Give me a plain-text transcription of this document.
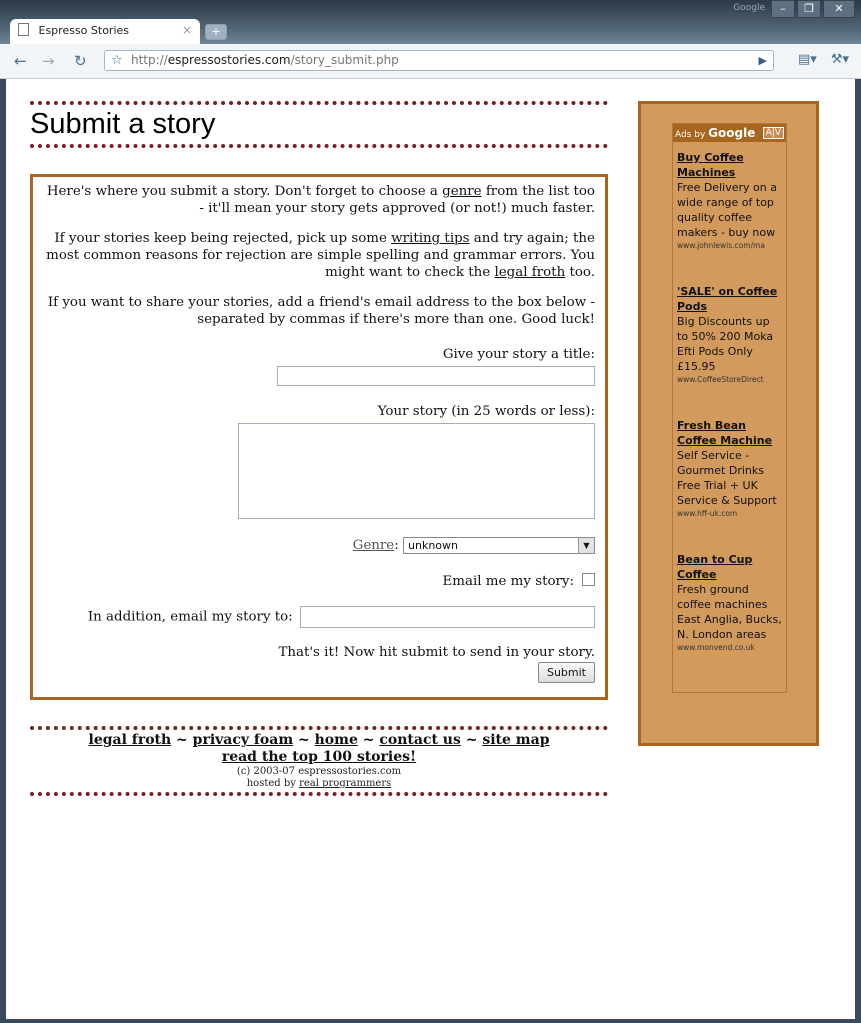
Espresso Stories	×	+
Google	–	❐	✕
← → ↻ ☆ http://espressostories.com/story_submit.php	▶ ▤▾ ⚒▾
Submit a story

Here's where you submit a story. Don't forget to choose a genre from the list too - it'll mean your story gets approved (or not!) much faster.

If your stories keep being rejected, pick up some writing tips and try again; the most common reasons for rejection are simple spelling and grammar errors. You might want to check the legal froth too.

If you want to share your stories, add a friend's email address to the box below - separated by commas if there's more than one. Good luck!

Give your story a title:
Your story (in 25 words or less):
Genre: unknown	▼
Email me my story:
In addition, email my story to:
That's it! Now hit submit to send in your story.
Submit
legal froth ~ privacy foam ~ home ~ contact us ~ site map
read the top 100 stories!
(c) 2003-07 espressostories.com
hosted by real programmers
Ads by Google	A|V
Buy Coffee Machines
Free Delivery on a wide range of top quality coffee makers - buy now
www.johnlewis.com/ma
'SALE' on Coffee Pods
Big Discounts up to 50% 200 Moka Efti Pods Only £15.95
www.CoffeeStoreDirect
Fresh Bean Coffee Machine
Self Service - Gourmet Drinks Free Trial + UK Service & Support
www.hff-uk.com
Bean to Cup Coffee
Fresh ground coffee machines East Anglia, Bucks, N. London areas
www.monvend.co.uk
